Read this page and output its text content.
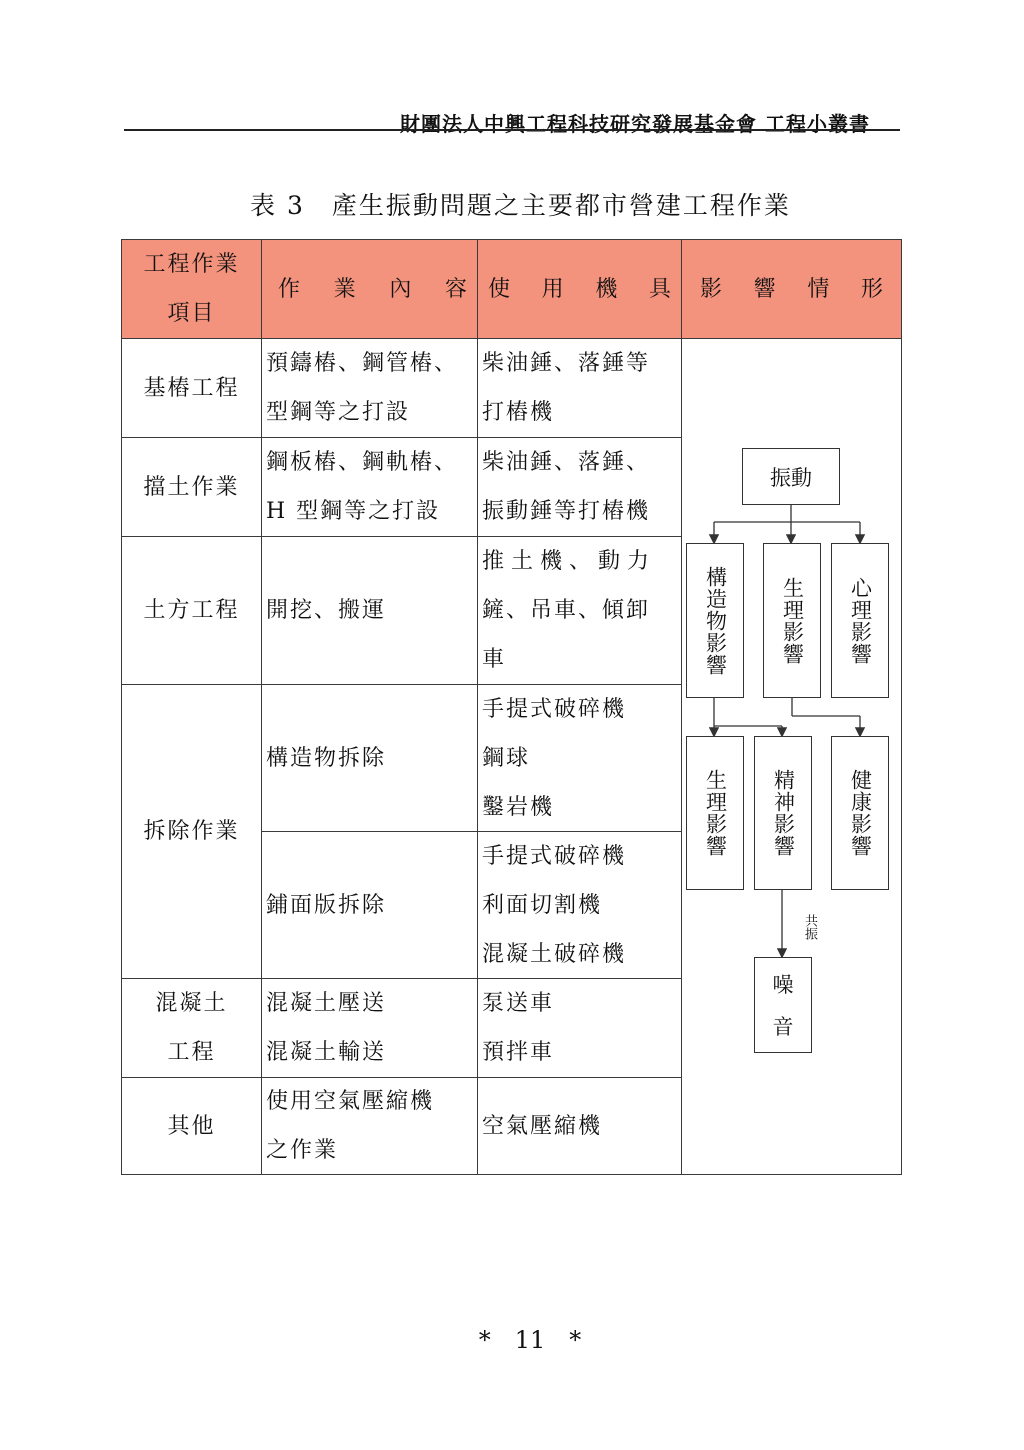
財團法人中興工程科技研究發展基金會 工程小叢書
表 3　產生振動問題之主要都市營建工程作業
工程作業
項目
作 業 內 容 使 用 機 具 影 響 情 形
基樁工程
預鑄樁、鋼管樁、
型鋼等之打設
柴油錘、落錘等
打樁機
擋土作業
鋼板樁、鋼軌樁、
H 型鋼等之打設
柴油錘、落錘、
振動錘等打樁機
土方工程 開挖、搬運
推 土 機 、 動 力
鏟、吊車、傾卸
車
拆除作業
構造物拆除
手提式破碎機
鋼球
鑿岩機
鋪面版拆除
手提式破碎機
利面切割機
混凝土破碎機
混凝土
工程
混凝土壓送
混凝土輸送
泵送車
預拌車
其他
使用空氣壓縮機
之作業
空氣壓縮機
振動
構造物影響	生理影響 心理影響
生理影響 精神影響	健康影響
共振
噪
音
*　11　*
